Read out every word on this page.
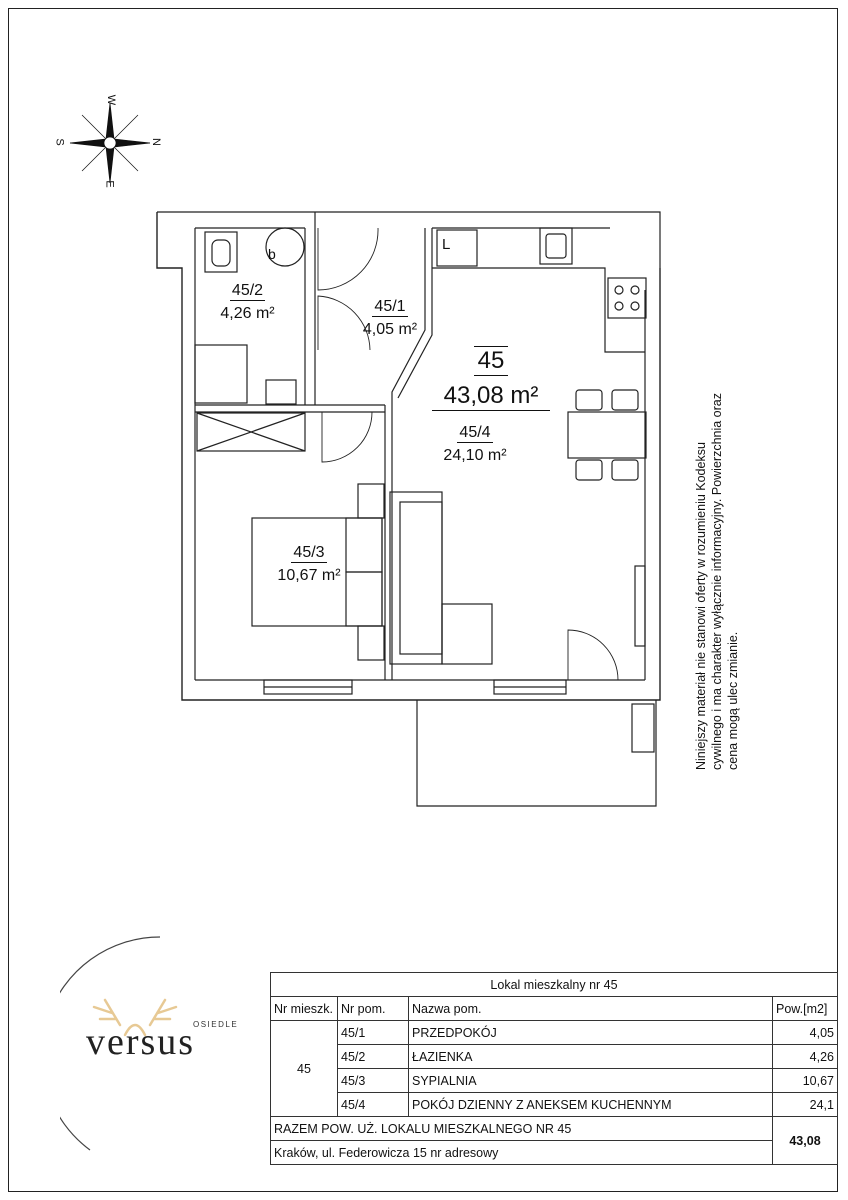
N
S
E
W
L
b
45/2
4,26 m²	45/1
4,05 m²
45
43,08 m²
45/4
24,10 m²
45/3
10,67 m²	Niniejszy materiał nie stanowi oferty w rozumieniu Kodeksu cywilnego i ma charakter wyłącznie informacyjny. Powierzchnia oraz cena mogą ulec zmianie.
OSIEDLE
versus
Lokal mieszkalny nr 45			
Nr mieszk.	Nr pom.	Nazwa pom.	Pow.[m2]
45	45/1	PRZEDPOKÓJ	4,05
	45/2	ŁAZIENKA	4,26
	45/3	SYPIALNIA	10,67
	45/4	POKÓJ DZIENNY Z ANEKSEM KUCHENNYM	24,1
RAZEM POW. UŻ. LOKALU MIESZKALNEGO NR 45			43,08
Kraków, ul. Federowicza 15 nr adresowy			
